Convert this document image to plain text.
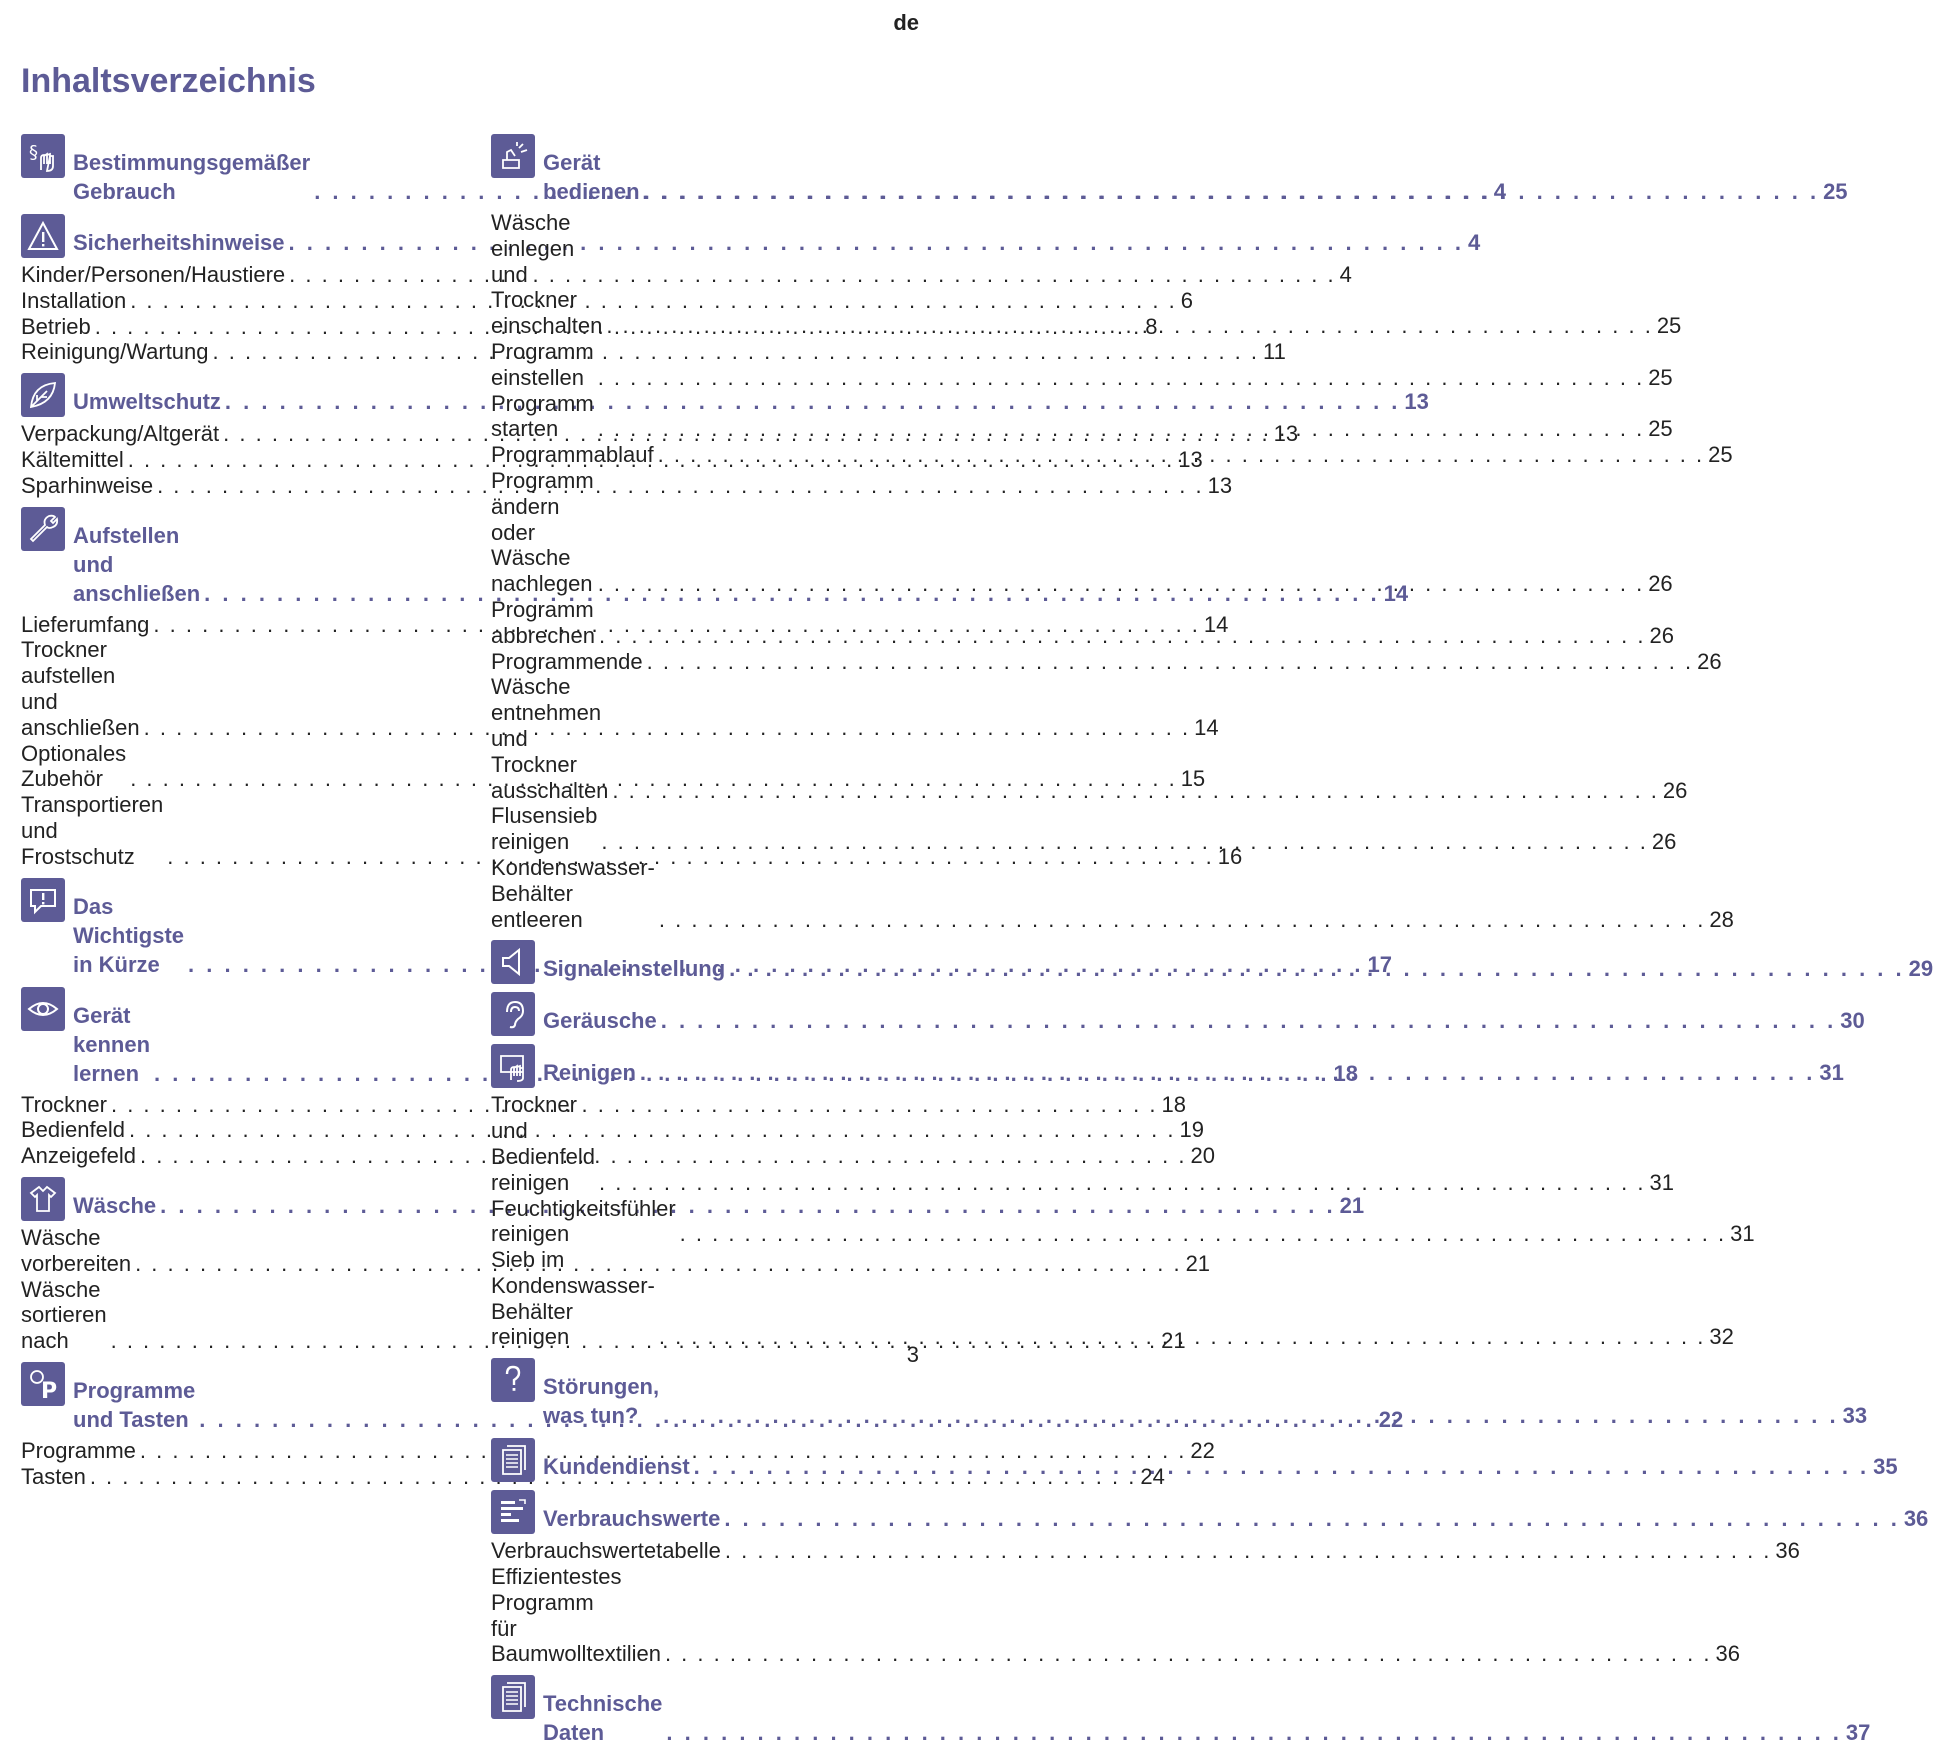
de
Inhaltsverzeichnis
§ Bestimmungsgemäßer
Gebrauch . . .	4
Sicherheitshinweise . . .	4
Kinder/Personen/Haustiere . . .	4
Installation . . .	6
Betrieb . . .	8
Reinigung/Wartung . . .	11
Umweltschutz . . .	13
Verpackung/Altgerät . . .	13
Kältemittel . . .	13
Sparhinweise . . .	13
Aufstellen und anschließen . . .	14
Lieferumfang . . .	14
Trockner aufstellen und
anschließen . . .	14
Optionales Zubehör . . .	15
Transportieren und Frostschutz . . .	16
Das Wichtigste in Kürze . . .	17
Gerät kennen lernen . . .	18
Trockner . . .	18
Bedienfeld . . .	19
Anzeigefeld . . .	20
Wäsche . . .	21
Wäsche vorbereiten . . .	21
Wäsche sortieren nach . . .	21
P Programme und Tasten . . .	22
Programme . . .	22
Tasten . . .	24
Gerät bedienen . . .	25
Wäsche einlegen und Trockner
einschalten . . .	25
Programm einstellen . . .	25
Programm starten . . .	25
Programmablauf . . .	25
Programm ändern oder Wäsche
nachlegen . . .	26
Programm abbrechen . . .	26
Programmende . . .	26
Wäsche entnehmen und
Trockner ausschalten . . .	26
Flusensieb reinigen . . .	26
Kondenswasser-Behälter
entleeren . . .	28
Signaleinstellung . . .	29
Geräusche . . .	30
Reinigen . . .	31
Trockner und Bedienfeld reinigen . . .	31
Feuchtigkeitsfühler reinigen . . .	31
Sieb im Kondenswasser-Behälter
reinigen . . .	32
Störungen, was tun? . . .	33
Kundendienst . . .	35
Verbrauchswerte . . .	36
Verbrauchswertetabelle . . .	36
Effizientestes Programm
für Baumwolltextilien . . .	36
Technische Daten . . .	37
3
